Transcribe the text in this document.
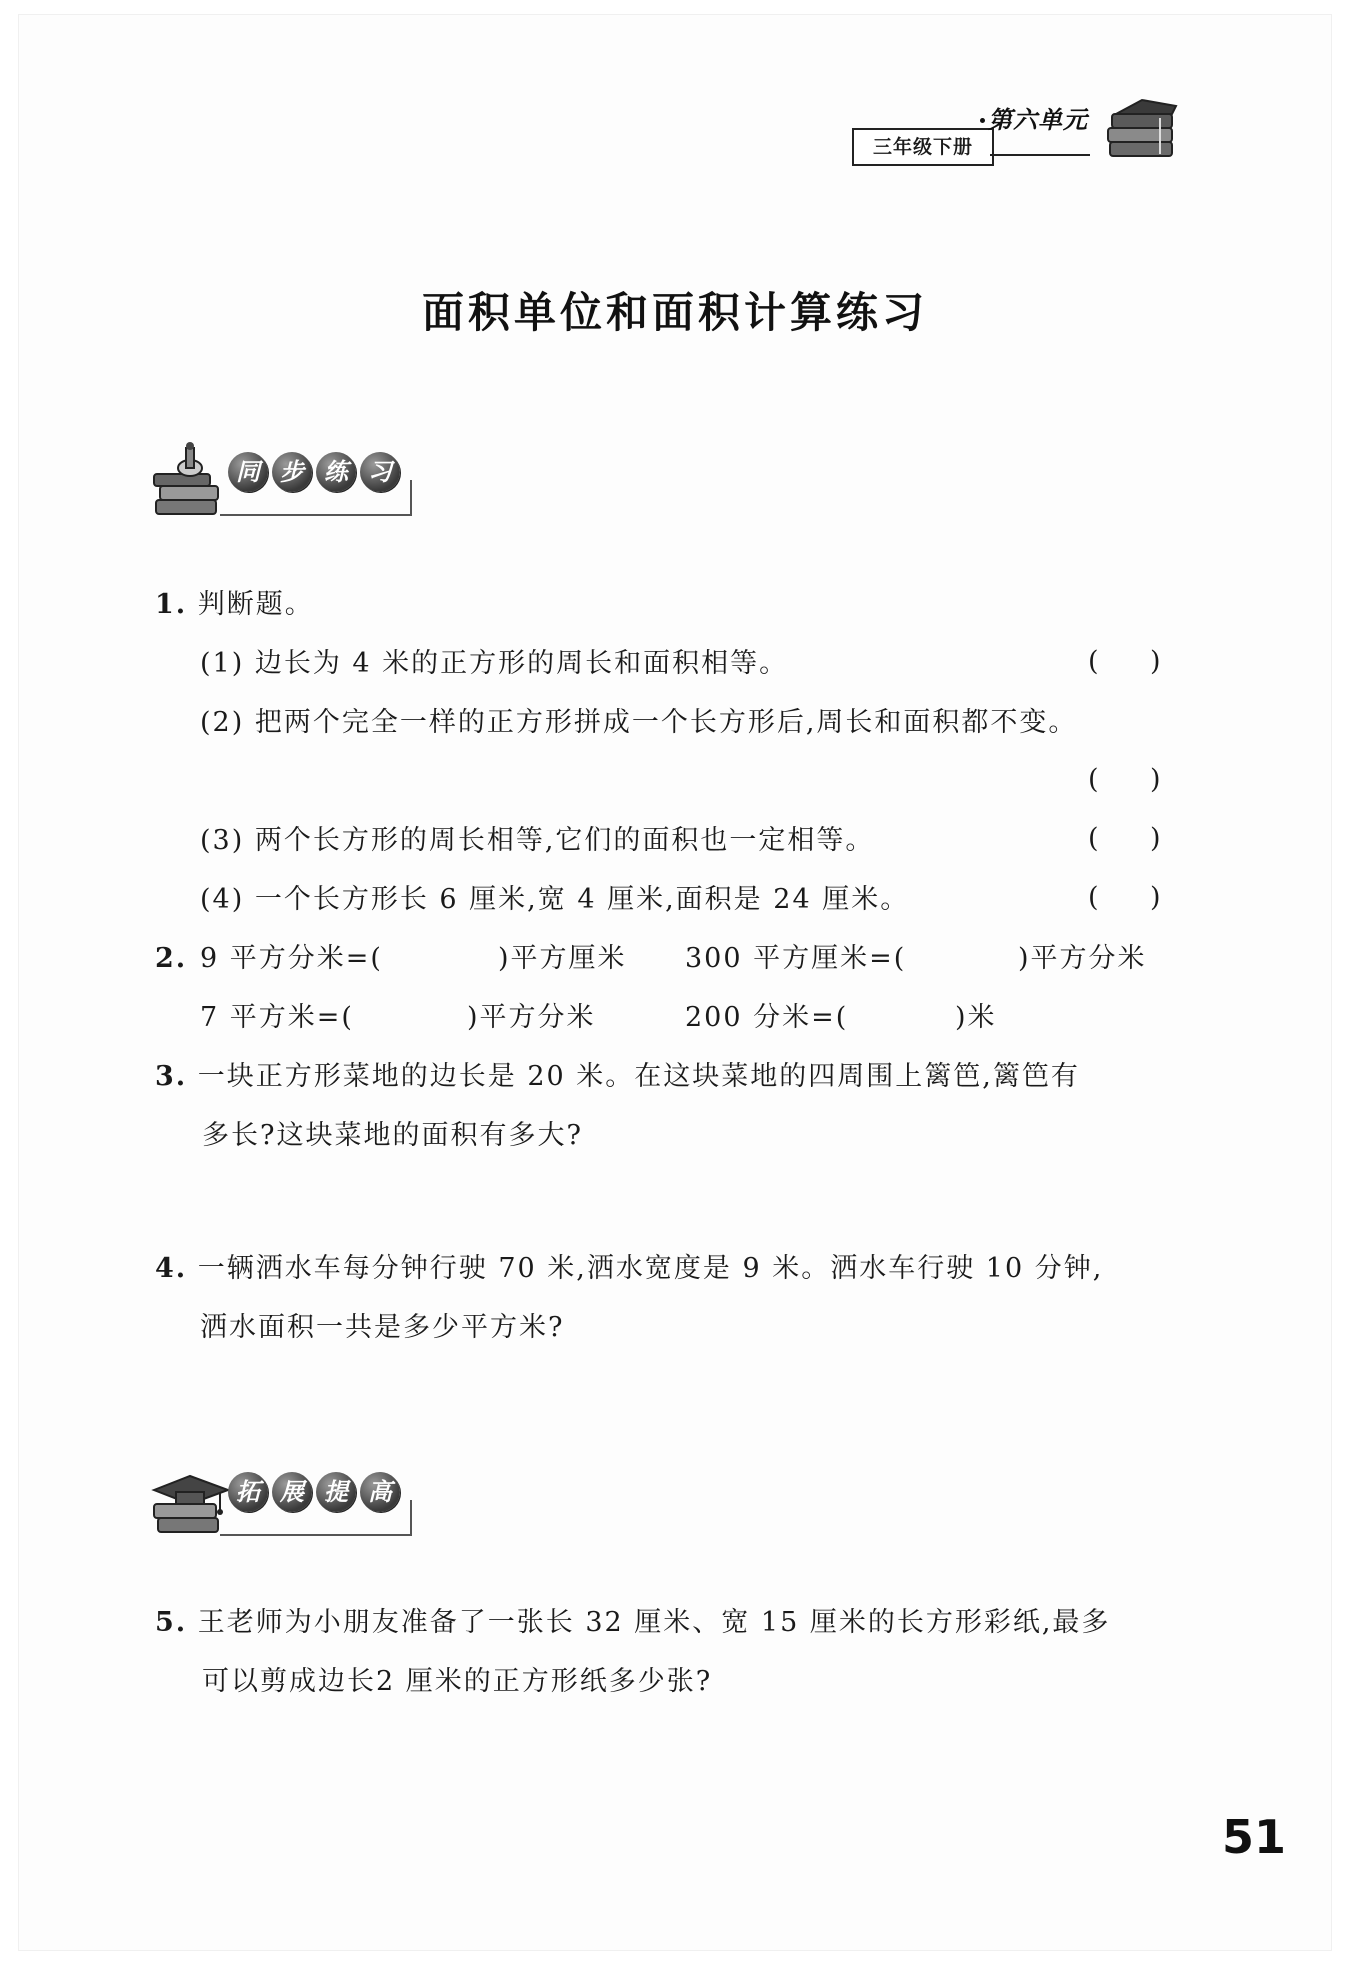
三年级下册
第六单元
面积单位和面积计算练习
同 步 练 习
1. 判断题。
(1) 边长为 4 米的正方形的周长和面积相等。	(      )
(2) 把两个完全一样的正方形拼成一个长方形后,周长和面积都不变。
(      )
(3) 两个长方形的周长相等,它们的面积也一定相等。	(      )
(4) 一个长方形长 6 厘米,宽 4 厘米,面积是 24 厘米。	(      )
2. 9 平方分米=(	)平方厘米 300 平方厘米=(	)平方分米
7 平方米=(	)平方分米	200 分米=(	)米
3. 一块正方形菜地的边长是 20 米。在这块菜地的四周围上篱笆,篱笆有
多长?这块菜地的面积有多大?
4. 一辆洒水车每分钟行驶 70 米,洒水宽度是 9 米。洒水车行驶 10 分钟,
洒水面积一共是多少平方米?
拓 展 提 高
5. 王老师为小朋友准备了一张长 32 厘米、宽 15 厘米的长方形彩纸,最多
可以剪成边长2 厘米的正方形纸多少张?
51
